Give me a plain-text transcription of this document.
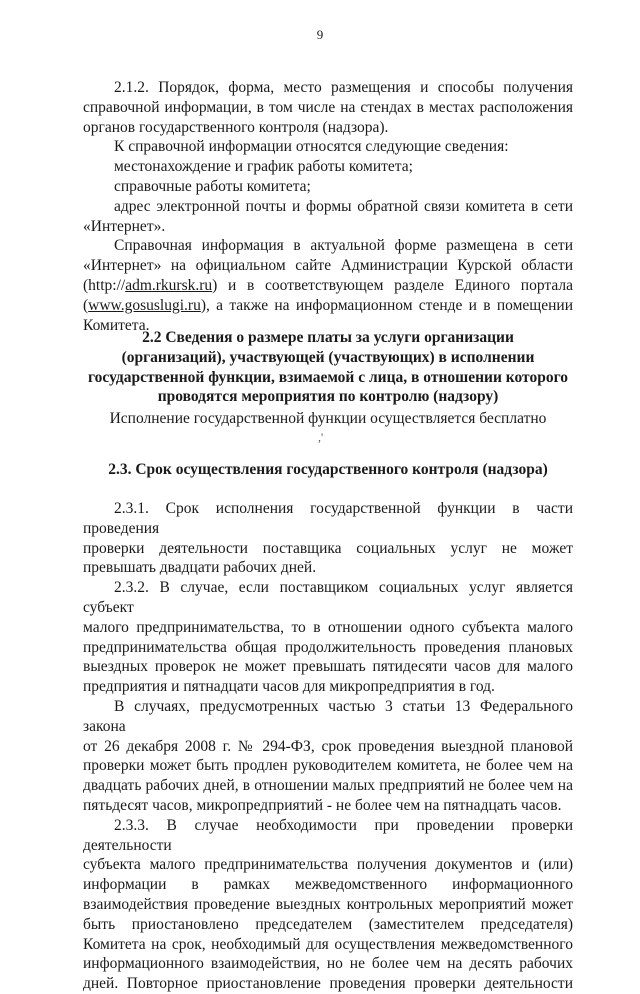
9
2.1.2. Порядок, форма, место размещения и способы получения
справочной информации, в том числе на стендах в местах расположения
органов государственного контроля (надзора).
К справочной информации относятся следующие сведения:
местонахождение и график работы комитета;
справочные работы комитета;
адрес электронной почты и формы обратной связи комитета в сети
«Интернет».
Справочная информация в актуальной форме размещена в сети
«Интернет» на официальном сайте Администрации Курской области
(http://adm.rkursk.ru) и в соответствующем разделе Единого портала
(www.gosuslugi.ru), а также на информационном стенде и в помещении
Комитета.
2.2 Сведения о размере платы за услуги организации
(организаций), участвующей (участвующих) в исполнении
государственной функции, взимаемой с лица, в отношении которого
проводятся мероприятия по контролю (надзору)
Исполнение государственной функции осуществляется бесплатно
,'
2.3. Срок осуществления государственного контроля (надзора)
2.3.1. Срок исполнения государственной функции в части проведения
проверки деятельности поставщика социальных услуг не может
превышать двадцати рабочих дней.
2.3.2. В случае, если поставщиком социальных услуг является субъект
малого предпринимательства, то в отношении одного субъекта малого
предпринимательства общая продолжительность проведения плановых
выездных проверок не может превышать пятидесяти часов для малого
предприятия и пятнадцати часов для микропредприятия в год.
В случаях, предусмотренных частью 3 статьи 13 Федерального закона
от 26 декабря 2008 г. № 294-ФЗ, срок проведения выездной плановой
проверки может быть продлен руководителем комитета, не более чем на
двадцать рабочих дней, в отношении малых предприятий не более чем на
пятьдесят часов, микропредприятий - не более чем на пятнадцать часов.
2.3.3. В случае необходимости при проведении проверки деятельности
субъекта малого предпринимательства получения документов и (или)
информации в рамках межведомственного информационного
взаимодействия проведение выездных контрольных мероприятий может
быть приостановлено председателем (заместителем председателя)
Комитета на срок, необходимый для осуществления межведомственного
информационного взаимодействия, но не более чем на десять рабочих
дней. Повторное приостановление проведения проверки деятельности
